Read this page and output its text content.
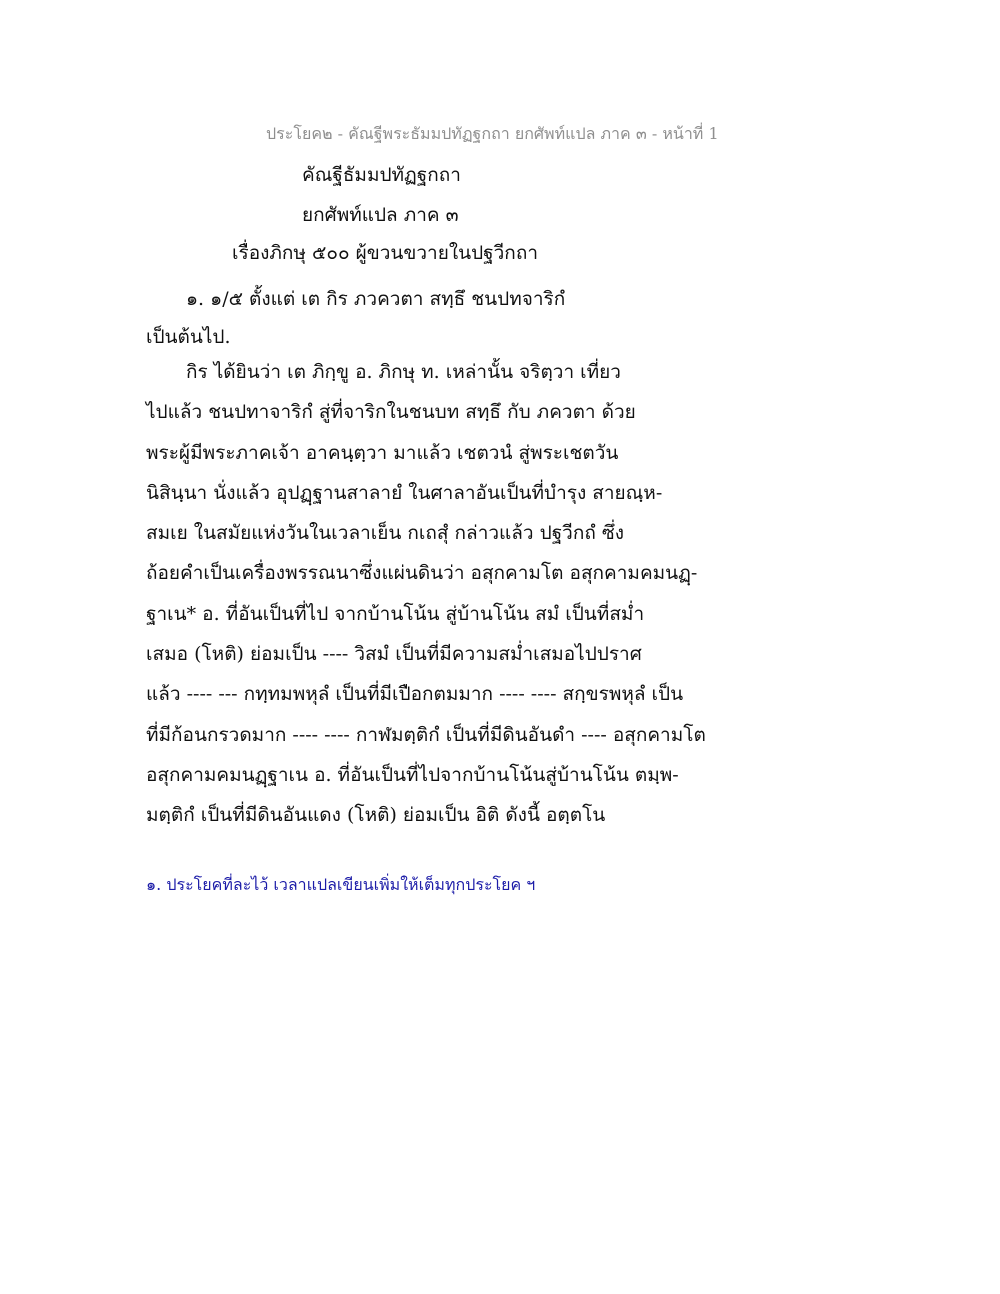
ประโยค๒ - คัณฐีพระธัมมปทัฏฐกถา ยกศัพท์แปล ภาค ๓ - หน้าที่ 1
คัณฐีธัมมปทัฏฐกถา
ยกศัพท์แปล ภาค ๓
เรื่องภิกษุ ๕๐๐ ผู้ขวนขวายในปฐวีกถา
๑. ๑/๕ ตั้งแต่ เต กิร ภวควตา สทฺธึ ชนปทจาริกํ
เป็นต้นไป.
กิร ได้ยินว่า เต ภิกฺขู อ. ภิกษุ ท. เหล่านั้น จริตฺวา เที่ยว
ไปแล้ว ชนปทาจาริกํ สู่ที่จาริกในชนบท สทฺธึ กับ ภควตา ด้วย
พระผู้มีพระภาคเจ้า อาคนฺตฺวา มาแล้ว เชตวนํ สู่พระเชตวัน
นิสินฺนา นั่งแล้ว อุปฏฺฐานสาลายํ ในศาลาอันเป็นที่บำรุง สายณฺห-
สมเย ในสมัยแห่งวันในเวลาเย็น กเถสุํ กล่าวแล้ว ปฐวีกถํ ซึ่ง
ถ้อยคำเป็นเครื่องพรรณนาซึ่งแผ่นดินว่า อสุกคามโต อสุกคามคมนฏฺ-
ฐาเน* อ. ที่อันเป็นที่ไป จากบ้านโน้น สู่บ้านโน้น สมํ เป็นที่สม่ำ
เสมอ (โหติ) ย่อมเป็น ---- วิสมํ เป็นที่มีความสม่ำเสมอไปปราศ
แล้ว ---- --- กทฺทมพหุลํ เป็นที่มีเปือกตมมาก ---- ---- สกฺขรพหุลํ เป็น
ที่มีก้อนกรวดมาก ---- ---- กาฬมตฺติกํ เป็นที่มีดินอันดำ ---- อสุกคามโต
อสุกคามคมนฏฺฐาเน อ. ที่อันเป็นที่ไปจากบ้านโน้นสู่บ้านโน้น ตมฺพ-
มตฺติกํ เป็นที่มีดินอันแดง (โหติ) ย่อมเป็น อิติ ดังนี้ อตฺตโน
๑. ประโยคที่ละไว้ เวลาแปลเขียนเพิ่มให้เต็มทุกประโยค ฯ
